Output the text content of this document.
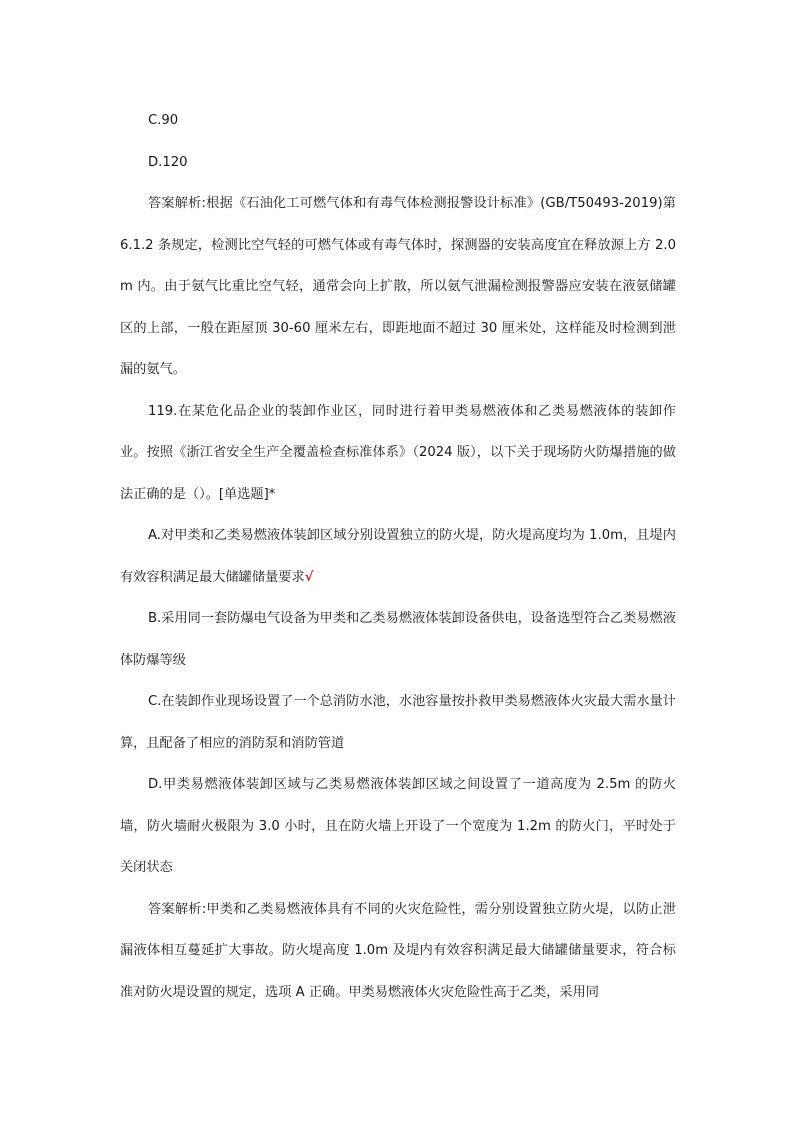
C.90

D.120

答案解析:根据《石油化工可燃气体和有毒气体检测报警设计标准》(GB/T50493-2019)第 6.1.2 条规定，检测比空气轻的可燃气体或有毒气体时，探测器的安装高度宜在释放源上方 2.0m 内。由于氨气比重比空气轻，通常会向上扩散，所以氨气泄漏检测报警器应安装在液氨储罐区的上部，一般在距屋顶 30-60 厘米左右，即距地面不超过 30 厘米处，这样能及时检测到泄漏的氨气。

119.在某危化品企业的装卸作业区，同时进行着甲类易燃液体和乙类易燃液体的装卸作业。按照《浙江省安全生产全覆盖检查标准体系》（2024 版），以下关于现场防火防爆措施的做法正确的是（）。[单选题]*

A.对甲类和乙类易燃液体装卸区域分别设置独立的防火堤，防火堤高度均为 1.0m，且堤内有效容积满足最大储罐储量要求√

B.采用同一套防爆电气设备为甲类和乙类易燃液体装卸设备供电，设备选型符合乙类易燃液体防爆等级

C.在装卸作业现场设置了一个总消防水池，水池容量按扑救甲类易燃液体火灾最大需水量计算，且配备了相应的消防泵和消防管道

D.甲类易燃液体装卸区域与乙类易燃液体装卸区域之间设置了一道高度为 2.5m 的防火墙，防火墙耐火极限为 3.0 小时，且在防火墙上开设了一个宽度为 1.2m 的防火门，平时处于关闭状态

答案解析:甲类和乙类易燃液体具有不同的火灾危险性，需分别设置独立防火堤，以防止泄漏液体相互蔓延扩大事故。防火堤高度 1.0m 及堤内有效容积满足最大储罐储量要求，符合标准对防火堤设置的规定，选项 A 正确。甲类易燃液体火灾危险性高于乙类，采用同
